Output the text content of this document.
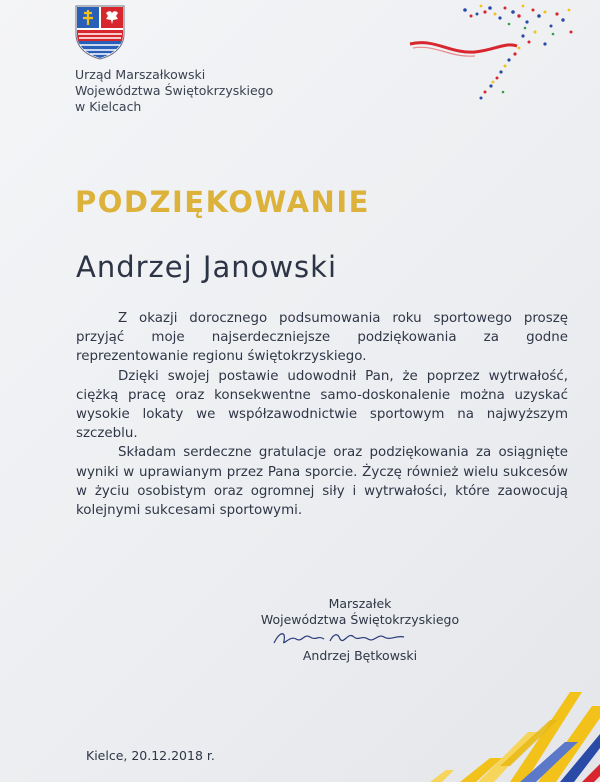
Urząd Marszałkowski
Województwa Świętokrzyskiego
w Kielcach
PODZIĘKOWANIE
Andrzej Janowski

Z okazji dorocznego podsumowania roku sportowego proszę przyjąć moje najserdeczniejsze podziękowania za godne reprezentowanie regionu świętokrzyskiego.

Dzięki swojej postawie udowodnił Pan, że poprzez wytrwałość, ciężką pracę oraz konsekwentne samo-doskonalenie można uzyskać wysokie lokaty we współzawodnictwie sportowym na najwyższym szczeblu.

Składam serdeczne gratulacje oraz podziękowania za osiągnięte wyniki w uprawianym przez Pana sporcie. Życzę również wielu sukcesów w życiu osobistym oraz ogromnej siły i wytrwałości, które zaowocują kolejnymi sukcesami sportowymi.

Marszałek
Województwa Świętokrzyskiego
Andrzej Bętkowski
Kielce, 20.12.2018 r.
